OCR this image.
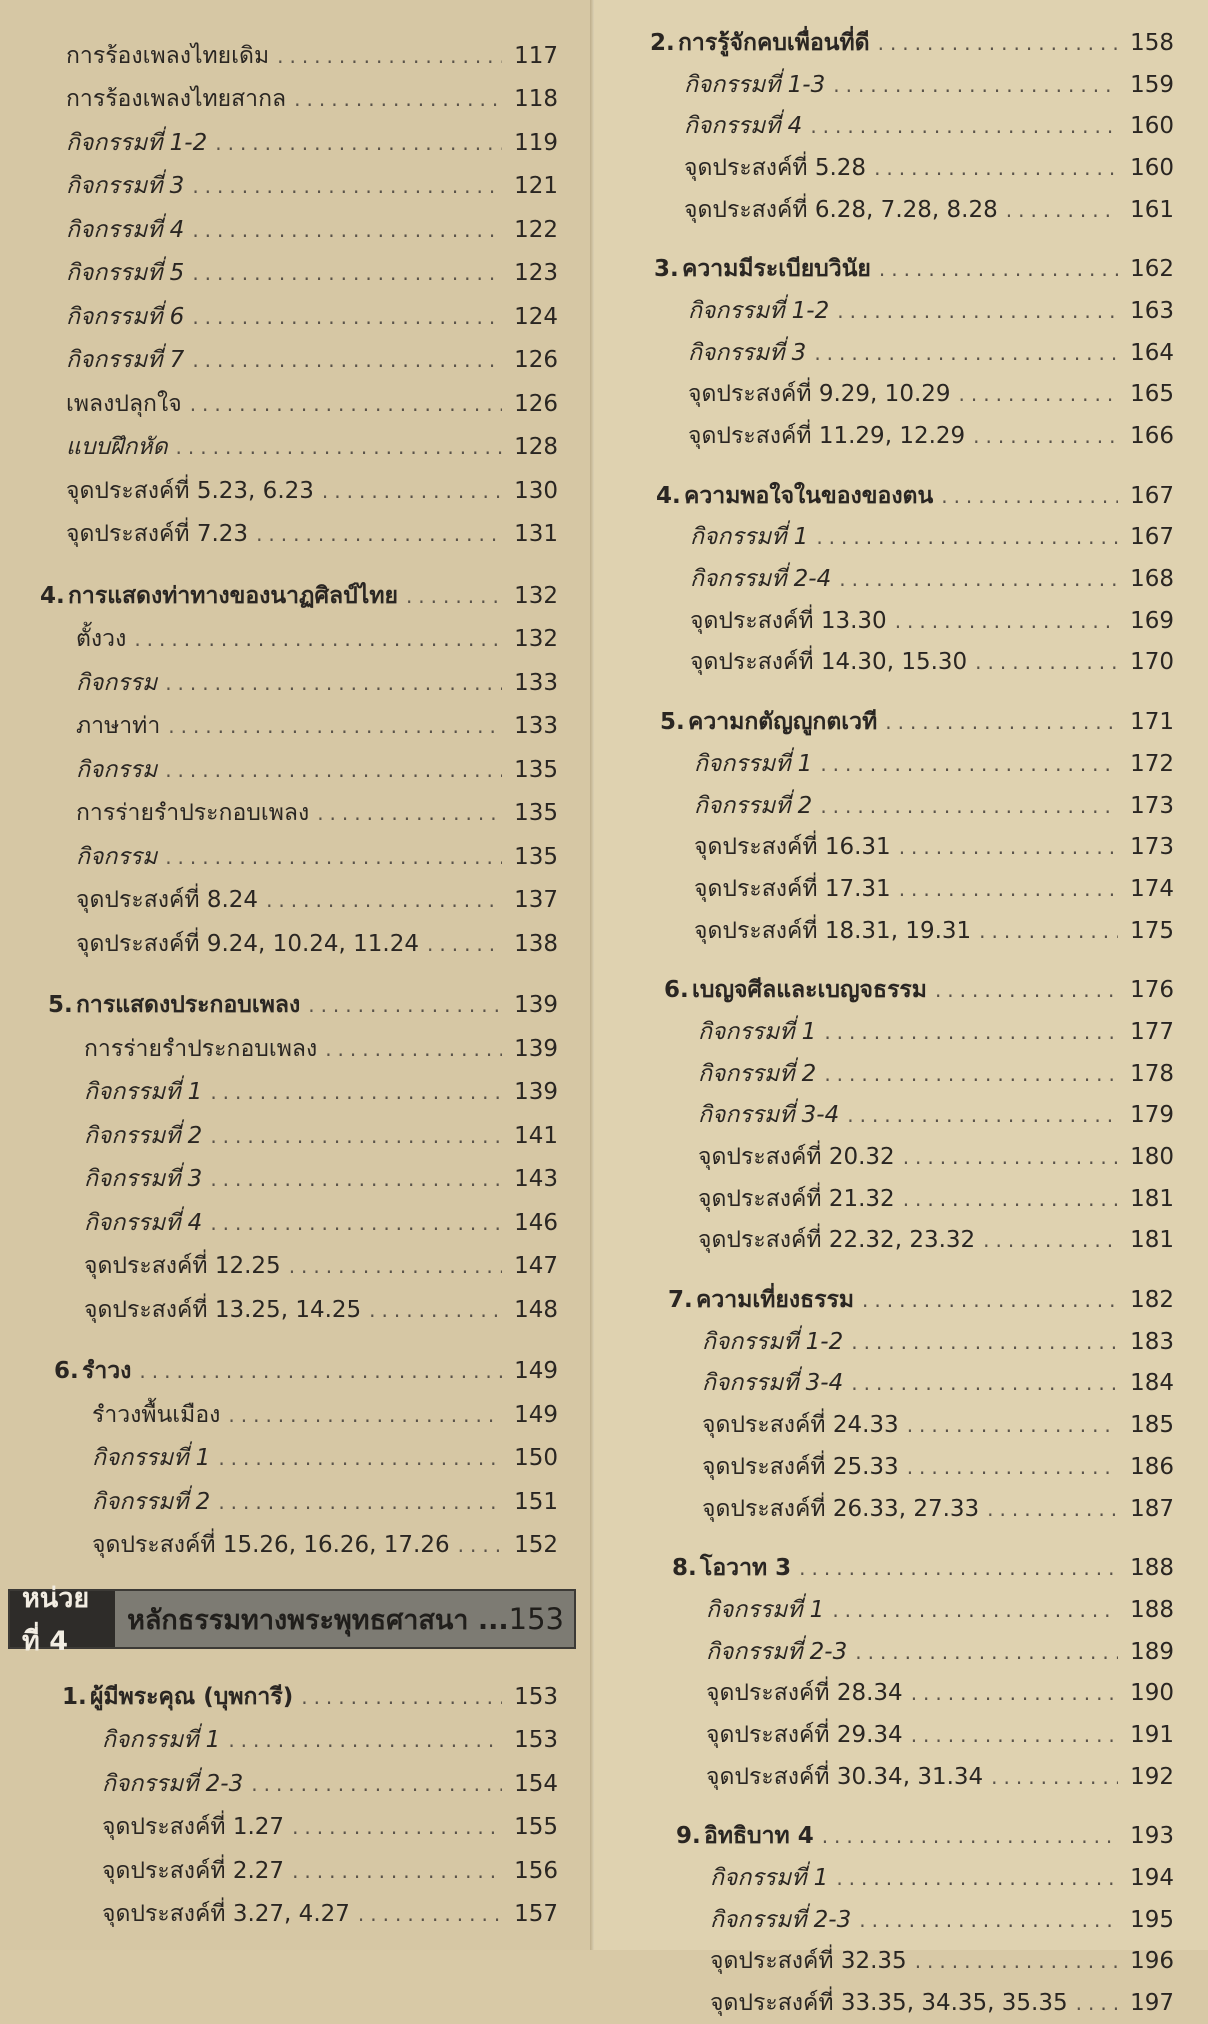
การร้องเพลงไทยเดิม .....	117
การร้องเพลงไทยสากล .....	118
กิจกรรมที่ 1-2 .....	119
กิจกรรมที่ 3 .....	121
กิจกรรมที่ 4 .....	122
กิจกรรมที่ 5 .....	123
กิจกรรมที่ 6 .....	124
กิจกรรมที่ 7 .....	126
เพลงปลุกใจ .....	126
แบบฝึกหัด .....	128
จุดประสงค์ที่ 5.23, 6.23 .....	130
จุดประสงค์ที่ 7.23 .....	131
4. การแสดงท่าทางของนาฏศิลป์ไทย .....	132
ตั้งวง .....	132
กิจกรรม .....	133
ภาษาท่า .....	133
กิจกรรม .....	135
การร่ายรำประกอบเพลง .....	135
กิจกรรม .....	135
จุดประสงค์ที่ 8.24 .....	137
จุดประสงค์ที่ 9.24, 10.24, 11.24 .....	138
5. การแสดงประกอบเพลง .....	139
การร่ายรำประกอบเพลง .....	139
กิจกรรมที่ 1 .....	139
กิจกรรมที่ 2 .....	141
กิจกรรมที่ 3 .....	143
กิจกรรมที่ 4 .....	146
จุดประสงค์ที่ 12.25 .....	147
จุดประสงค์ที่ 13.25, 14.25 .....	148
6. รำวง .....	149
รำวงพื้นเมือง .....	149
กิจกรรมที่ 1 .....	150
กิจกรรมที่ 2 .....	151
จุดประสงค์ที่ 15.26, 16.26, 17.26 .....	152
หน่วยที่ 4
หลักธรรมทางพระพุทธศาสนา ... 153
1. ผู้มีพระคุณ (บุพการี) .....	153
กิจกรรมที่ 1 .....	153
กิจกรรมที่ 2-3 .....	154
จุดประสงค์ที่ 1.27 .....	155
จุดประสงค์ที่ 2.27 .....	156
จุดประสงค์ที่ 3.27, 4.27 .....	157
2. การรู้จักคบเพื่อนที่ดี .....	158
กิจกรรมที่ 1-3 .....	159
กิจกรรมที่ 4 .....	160
จุดประสงค์ที่ 5.28 .....	160
จุดประสงค์ที่ 6.28, 7.28, 8.28 .....	161
3. ความมีระเบียบวินัย .....	162
กิจกรรมที่ 1-2 .....	163
กิจกรรมที่ 3 .....	164
จุดประสงค์ที่ 9.29, 10.29 .....	165
จุดประสงค์ที่ 11.29, 12.29 .....	166
4. ความพอใจในของของตน .....	167
กิจกรรมที่ 1 .....	167
กิจกรรมที่ 2-4 .....	168
จุดประสงค์ที่ 13.30 .....	169
จุดประสงค์ที่ 14.30, 15.30 .....	170
5. ความกตัญญูกตเวที .....	171
กิจกรรมที่ 1 .....	172
กิจกรรมที่ 2 .....	173
จุดประสงค์ที่ 16.31 .....	173
จุดประสงค์ที่ 17.31 .....	174
จุดประสงค์ที่ 18.31, 19.31 .....	175
6. เบญจศีลและเบญจธรรม .....	176
กิจกรรมที่ 1 .....	177
กิจกรรมที่ 2 .....	178
กิจกรรมที่ 3-4 .....	179
จุดประสงค์ที่ 20.32 .....	180
จุดประสงค์ที่ 21.32 .....	181
จุดประสงค์ที่ 22.32, 23.32 .....	181
7. ความเที่ยงธรรม .....	182
กิจกรรมที่ 1-2 .....	183
กิจกรรมที่ 3-4 .....	184
จุดประสงค์ที่ 24.33 .....	185
จุดประสงค์ที่ 25.33 .....	186
จุดประสงค์ที่ 26.33, 27.33 .....	187
8. โอวาท 3 .....	188
กิจกรรมที่ 1 .....	188
กิจกรรมที่ 2-3 .....	189
จุดประสงค์ที่ 28.34 .....	190
จุดประสงค์ที่ 29.34 .....	191
จุดประสงค์ที่ 30.34, 31.34 .....	192
9. อิทธิบาท 4 .....	193
กิจกรรมที่ 1 .....	194
กิจกรรมที่ 2-3 .....	195
จุดประสงค์ที่ 32.35 .....	196
จุดประสงค์ที่ 33.35, 34.35, 35.35 .....	197
